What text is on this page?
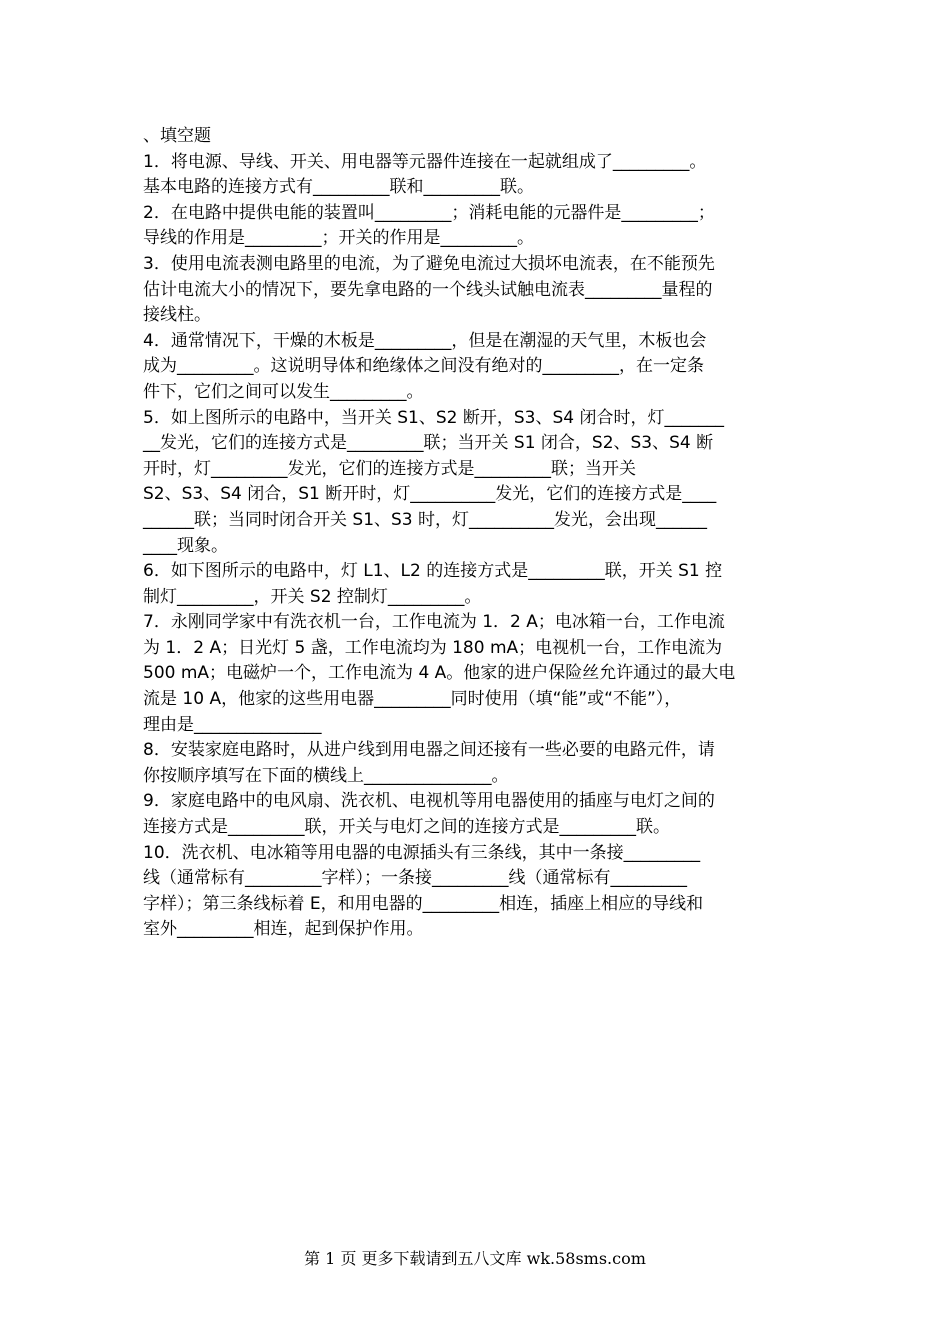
、填空题
1．将电源、导线、开关、用电器等元器件连接在一起就组成了_________。
基本电路的连接方式有_________联和_________联。
2．在电路中提供电能的装置叫_________；消耗电能的元器件是_________；
导线的作用是_________；开关的作用是_________。
3．使用电流表测电路里的电流，为了避免电流过大损坏电流表，在不能预先
估计电流大小的情况下，要先拿电路的一个线头试触电流表_________量程的
接线柱。
4．通常情况下，干燥的木板是_________，但是在潮湿的天气里，木板也会
成为_________。这说明导体和绝缘体之间没有绝对的_________，在一定条
件下，它们之间可以发生_________。
5．如上图所示的电路中，当开关 S1、S2 断开，S3、S4 闭合时，灯_______
__发光，它们的连接方式是_________联；当开关 S1 闭合，S2、S3、S4 断
开时，灯_________发光，它们的连接方式是_________联；当开关
S2、S3、S4 闭合，S1 断开时，灯__________发光，它们的连接方式是____
______联；当同时闭合开关 S1、S3 时，灯__________发光，会出现______
____现象。
6．如下图所示的电路中，灯 L1、L2 的连接方式是_________联，开关 S1 控
制灯_________，开关 S2 控制灯_________。
7．永刚同学家中有洗衣机一台，工作电流为 1．2 A；电冰箱一台，工作电流
为 1．2 A；日光灯 5 盏，工作电流均为 180 mA；电视机一台，工作电流为
500 mA；电磁炉一个，工作电流为 4 A。他家的进户保险丝允许通过的最大电
流是 10 A，他家的这些用电器_________同时使用（填“能”或“不能”），
理由是_______________
8．安装家庭电路时，从进户线到用电器之间还接有一些必要的电路元件，请
你按顺序填写在下面的横线上_______________。
9．家庭电路中的电风扇、洗衣机、电视机等用电器使用的插座与电灯之间的
连接方式是_________联，开关与电灯之间的连接方式是_________联。
10．洗衣机、电冰箱等用电器的电源插头有三条线，其中一条接_________
线（通常标有_________字样）；一条接_________线（通常标有_________
字样）；第三条线标着 E，和用电器的_________相连，插座上相应的导线和
室外_________相连，起到保护作用。
第 1 页 更多下载请到五八文库 wk.58sms.com
